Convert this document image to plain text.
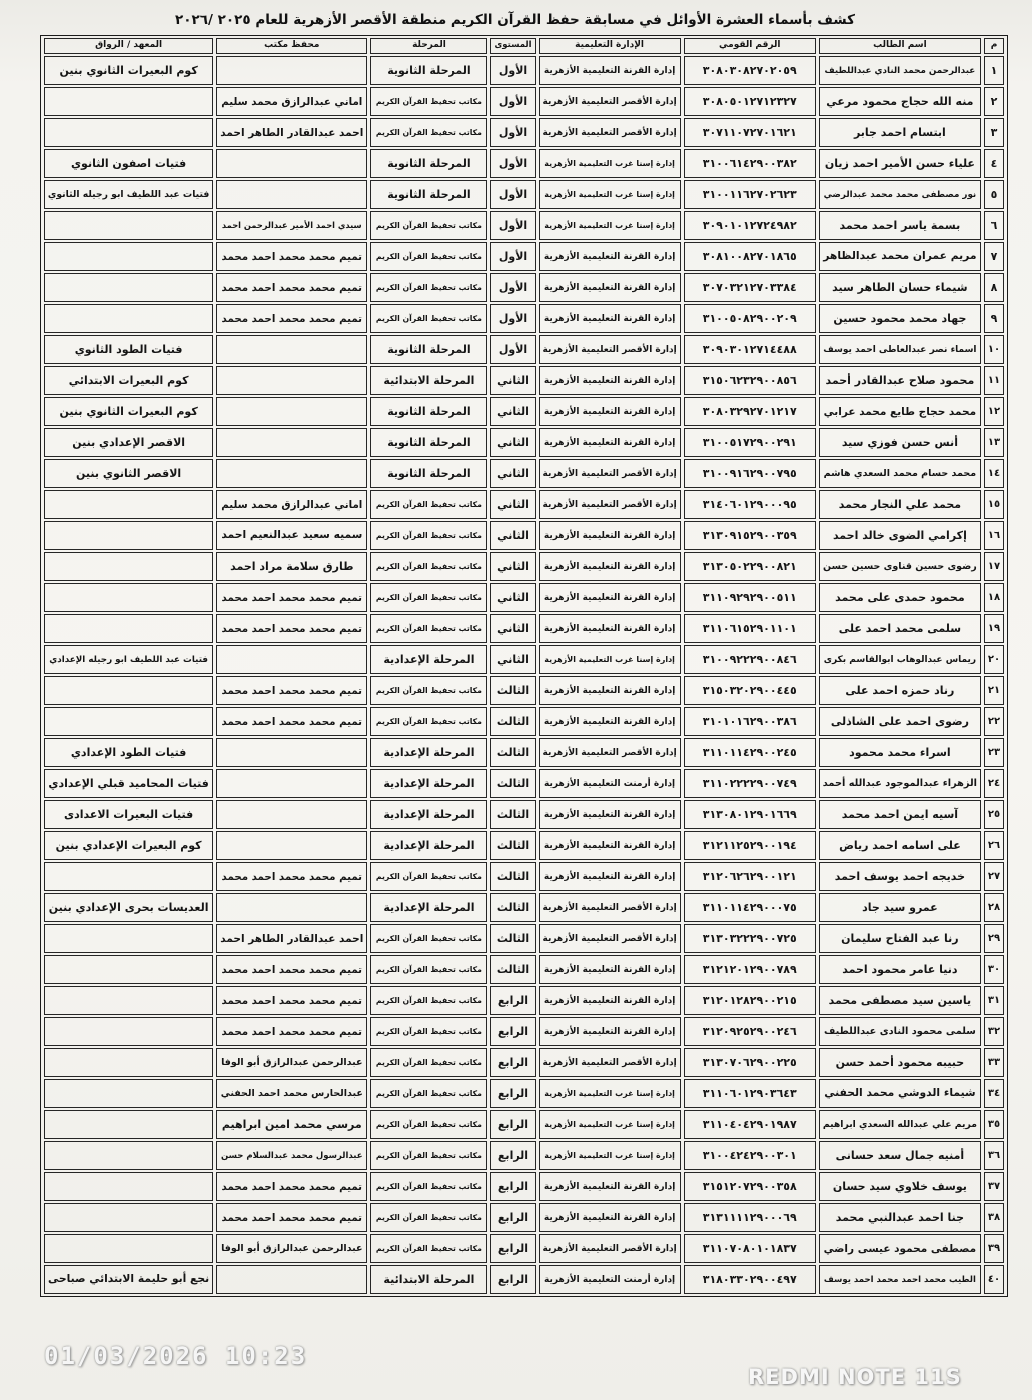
كشف بأسماء العشرة الأوائل في مسابقة حفظ القرآن الكريم منطقة الأقصر الأزهرية للعام ٢٠٢٥ /٢٠٢٦
م	اسم الطالب	الرقم القومي	الإدارة التعليمية	المستوى	المرحلة	محفظ مكتب	المعهد / الرواق
١	عبدالرحمن محمد النادي عبداللطيف	٣٠٨٠٣٠٨٢٧٠٢٠٥٩	إدارة القرنة التعليمية الأزهرية	الأول	المرحلة الثانوية		كوم البعيرات الثانوي بنين
٢	منه الله حجاج محمود مرعي	٣٠٨٠٥٠١٢٧١٢٣٢٧	إدارة الأقصر التعليمية الأزهرية	الأول	مكاتب تحفيظ القرآن الكريم	اماني عبدالرازق محمد سليم	
٣	ابتسام احمد جابر	٣٠٧١١٠٧٢٧٠١٦٢١	إدارة الأقصر التعليمية الأزهرية	الأول	مكاتب تحفيظ القرآن الكريم	احمد عبدالقادر الطاهر احمد	
٤	علياء حسن الأمير احمد زيان	٣١٠٠٦١٤٢٩٠٠٣٨٢	إدارة إسنا غرب التعليمية الأزهرية	الأول	المرحلة الثانوية		فتيات اصفون الثانوي
٥	نور مصطفى محمد محمد عبدالرضي	٣١٠٠١١٦٢٧٠٢٦٢٣	إدارة إسنا غرب التعليمية الأزهرية	الأول	المرحلة الثانوية		فتيات عبد اللطيف ابو رجيله الثانوي
٦	بسمة ياسر احمد محمد	٣٠٩٠١٠١٢٧٢٤٩٨٢	إدارة إسنا غرب التعليمية الأزهرية	الأول	مكاتب تحفيظ القرآن الكريم	سيدي احمد الأمير عبدالرحمن احمد	
٧	مريم عمران محمد عبدالظاهر	٣٠٨١٠٠٨٢٧٠١٨٦٥	إدارة القرنة التعليمية الأزهرية	الأول	مكاتب تحفيظ القرآن الكريم	تميم محمد محمد احمد محمد	
٨	شيماء حسان الطاهر سيد	٣٠٧٠٣٢١٢٧٠٣٣٨٤	إدارة القرنة التعليمية الأزهرية	الأول	مكاتب تحفيظ القرآن الكريم	تميم محمد محمد احمد محمد	
٩	جهاد محمد محمود حسين	٣١٠٠٥٠٨٢٩٠٠٢٠٩	إدارة القرنة التعليمية الأزهرية	الأول	مكاتب تحفيظ القرآن الكريم	تميم محمد محمد احمد محمد	
١٠	اسماء نصر عبدالعاطى احمد يوسف	٣٠٩٠٣٠١٢٧١٤٤٨٨	إدارة الأقصر التعليمية الأزهرية	الأول	المرحلة الثانوية		فتيات الطود الثانوي
١١	محمود صلاح عبدالقادر أحمد	٣١٥٠٦٢٣٢٩٠٠٨٥٦	إدارة القرنة التعليمية الأزهرية	الثاني	المرحلة الابتدائية		كوم البعيرات الابتدائي
١٢	محمد حجاج طايع محمد عرابي	٣٠٨٠٣٢٩٢٧٠١٢١٧	إدارة القرنة التعليمية الأزهرية	الثاني	المرحلة الثانوية		كوم البعيرات الثانوي بنين
١٣	أنس حسن فوزي سيد	٣١٠٠٥١٧٢٩٠٠٢٩١	إدارة القرنة التعليمية الأزهرية	الثاني	المرحلة الثانوية		الاقصر الإعدادي بنين
١٤	محمد حسام محمد السعدي هاشم	٣١٠٠٩١٦٢٩٠٠٧٩٥	إدارة الأقصر التعليمية الأزهرية	الثاني	المرحلة الثانوية		الاقصر الثانوي بنين
١٥	محمد علي النجار محمد	٣١٤٠٦٠١٢٩٠٠٠٩٥	إدارة الأقصر التعليمية الأزهرية	الثاني	مكاتب تحفيظ القرآن الكريم	اماني عبدالرازق محمد سليم	
١٦	إكرامي الضوى خالد احمد	٣١٣٠٩١٥٢٩٠٠٣٥٩	إدارة القرنة التعليمية الأزهرية	الثاني	مكاتب تحفيظ القرآن الكريم	سميه سعيد عبدالنعيم احمد	
١٧	رضوى حسين قناوى حسين حسن	٣١٣٠٥٠٢٢٩٠٠٨٢١	إدارة القرنة التعليمية الأزهرية	الثاني	مكاتب تحفيظ القرآن الكريم	طارق سلامة مراد احمد	
١٨	محمود حمدى على محمد	٣١١٠٩٢٩٢٩٠٠٥١١	إدارة القرنة التعليمية الأزهرية	الثاني	مكاتب تحفيظ القرآن الكريم	تميم محمد محمد احمد محمد	
١٩	سلمى محمد احمد على	٣١١٠٦١٥٢٩٠١١٠١	إدارة القرنة التعليمية الأزهرية	الثاني	مكاتب تحفيظ القرآن الكريم	تميم محمد محمد احمد محمد	
٢٠	ريماس عبدالوهاب ابوالقاسم بكرى	٣١٠٠٩٢٢٢٩٠٠٨٤٦	إدارة إسنا غرب التعليمية الأزهرية	الثاني	المرحلة الإعدادية		فتيات عبد اللطيف ابو رجيله الإعدادي
٢١	رناد حمزه احمد على	٣١٥٠٣٢٠٢٩٠٠٤٤٥	إدارة القرنة التعليمية الأزهرية	الثالث	مكاتب تحفيظ القرآن الكريم	تميم محمد محمد احمد محمد	
٢٢	رضوى احمد على الشاذلى	٣١٠١٠١٦٢٩٠٠٣٨٦	إدارة القرنة التعليمية الأزهرية	الثالث	مكاتب تحفيظ القرآن الكريم	تميم محمد محمد احمد محمد	
٢٣	اسراء محمد محمود	٣١١٠١١٤٢٩٠٠٢٤٥	إدارة الأقصر التعليمية الأزهرية	الثالث	المرحلة الإعدادية		فتيات الطود الإعدادي
٢٤	الزهراء عبدالموجود عبدالله أحمد	٣١١٠٢٢٢٢٩٠٠٧٤٩	إدارة أرمنت التعليمية الأزهرية	الثالث	المرحلة الإعدادية		فتيات المحاميد قبلي الإعدادي
٢٥	آسيه ايمن احمد محمد	٣١٣٠٨٠١٢٩٠١٦٦٩	إدارة القرنة التعليمية الأزهرية	الثالث	المرحلة الإعدادية		فتيات البعيرات الاعدادى
٢٦	على اسامه احمد رياض	٣١٢١١٢٥٢٩٠٠١٩٤	إدارة القرنة التعليمية الأزهرية	الثالث	المرحلة الإعدادية		كوم البعيرات الإعدادي بنين
٢٧	خديجه احمد يوسف احمد	٣١٢٠٦٢٦٢٩٠٠١٢١	إدارة القرنة التعليمية الأزهرية	الثالث	مكاتب تحفيظ القرآن الكريم	تميم محمد محمد احمد محمد	
٢٨	عمرو سيد جاد	٣١١٠١١٤٢٩٠٠٠٧٥	إدارة الأقصر التعليمية الأزهرية	الثالث	المرحلة الإعدادية		العديسات بحرى الإعدادي بنين
٢٩	رنا عبد الفتاح سليمان	٣١٣٠٣٢٢٢٩٠٠٧٢٥	إدارة الأقصر التعليمية الأزهرية	الثالث	مكاتب تحفيظ القرآن الكريم	احمد عبدالقادر الطاهر احمد	
٣٠	دنيا عامر محمود احمد	٣١٢١٢٠١٢٩٠٠٧٨٩	إدارة القرنة التعليمية الأزهرية	الثالث	مكاتب تحفيظ القرآن الكريم	تميم محمد محمد احمد محمد	
٣١	ياسين سيد مصطفى محمد	٣١٢٠١٢٨٢٩٠٠٢١٥	إدارة القرنة التعليمية الأزهرية	الرابع	مكاتب تحفيظ القرآن الكريم	تميم محمد محمد احمد محمد	
٣٢	سلمى محمود النادى عبداللطيف	٣١٢٠٩٢٥٢٩٠٠٢٤٦	إدارة القرنة التعليمية الأزهرية	الرابع	مكاتب تحفيظ القرآن الكريم	تميم محمد محمد احمد محمد	
٣٣	حبيبه محمود أحمد حسن	٣١٣٠٧٠٦٢٩٠٠٢٢٥	إدارة الأقصر التعليمية الأزهرية	الرابع	مكاتب تحفيظ القرآن الكريم	عبدالرحمن عبدالرازق أبو الوفا	
٣٤	شيماء الدوشي محمد الحفني	٣١١٠٦٠١٢٩٠٣٦٤٣	إدارة إسنا غرب التعليمية الأزهرية	الرابع	مكاتب تحفيظ القرآن الكريم	عبدالحارس محمد احمد الحفني	
٣٥	مريم علي عبدالله السعدي ابراهيم	٣١١٠٤٠٤٢٩٠١٩٨٧	إدارة إسنا غرب التعليمية الأزهرية	الرابع	مكاتب تحفيظ القرآن الكريم	مرسي محمد امين ابراهيم	
٣٦	أمنيه جمال سعد حسانى	٣١٠٠٤٢٤٢٩٠٠٣٠١	إدارة إسنا غرب التعليمية الأزهرية	الرابع	مكاتب تحفيظ القرآن الكريم	عبدالرسول محمد عبدالسلام حسن	
٣٧	يوسف خلاوي سيد حسان	٣١٥١٢٠٧٢٩٠٠٣٥٨	إدارة القرنة التعليمية الأزهرية	الرابع	مكاتب تحفيظ القرآن الكريم	تميم محمد محمد احمد محمد	
٣٨	جنا احمد عبدالنبي محمد	٣١٣١١١١٢٩٠٠٠٦٩	إدارة القرنة التعليمية الأزهرية	الرابع	مكاتب تحفيظ القرآن الكريم	تميم محمد محمد احمد محمد	
٣٩	مصطفى محمود عيسى راضي	٣١١٠٧٠٨٠١٠١٨٣٧	إدارة الأقصر التعليمية الأزهرية	الرابع	مكاتب تحفيظ القرآن الكريم	عبدالرحمن عبدالرازق أبو الوفا	
٤٠	الطيب محمد احمد محمد احمد يوسف	٣١٨٠٣٣٠٢٩٠٠٤٩٧	إدارة أرمنت التعليمية الأزهرية	الرابع	المرحلة الابتدائية		نجع أبو حليمة الابتدائي صباحى
01/03/2026 10:23
REDMI NOTE 11S
